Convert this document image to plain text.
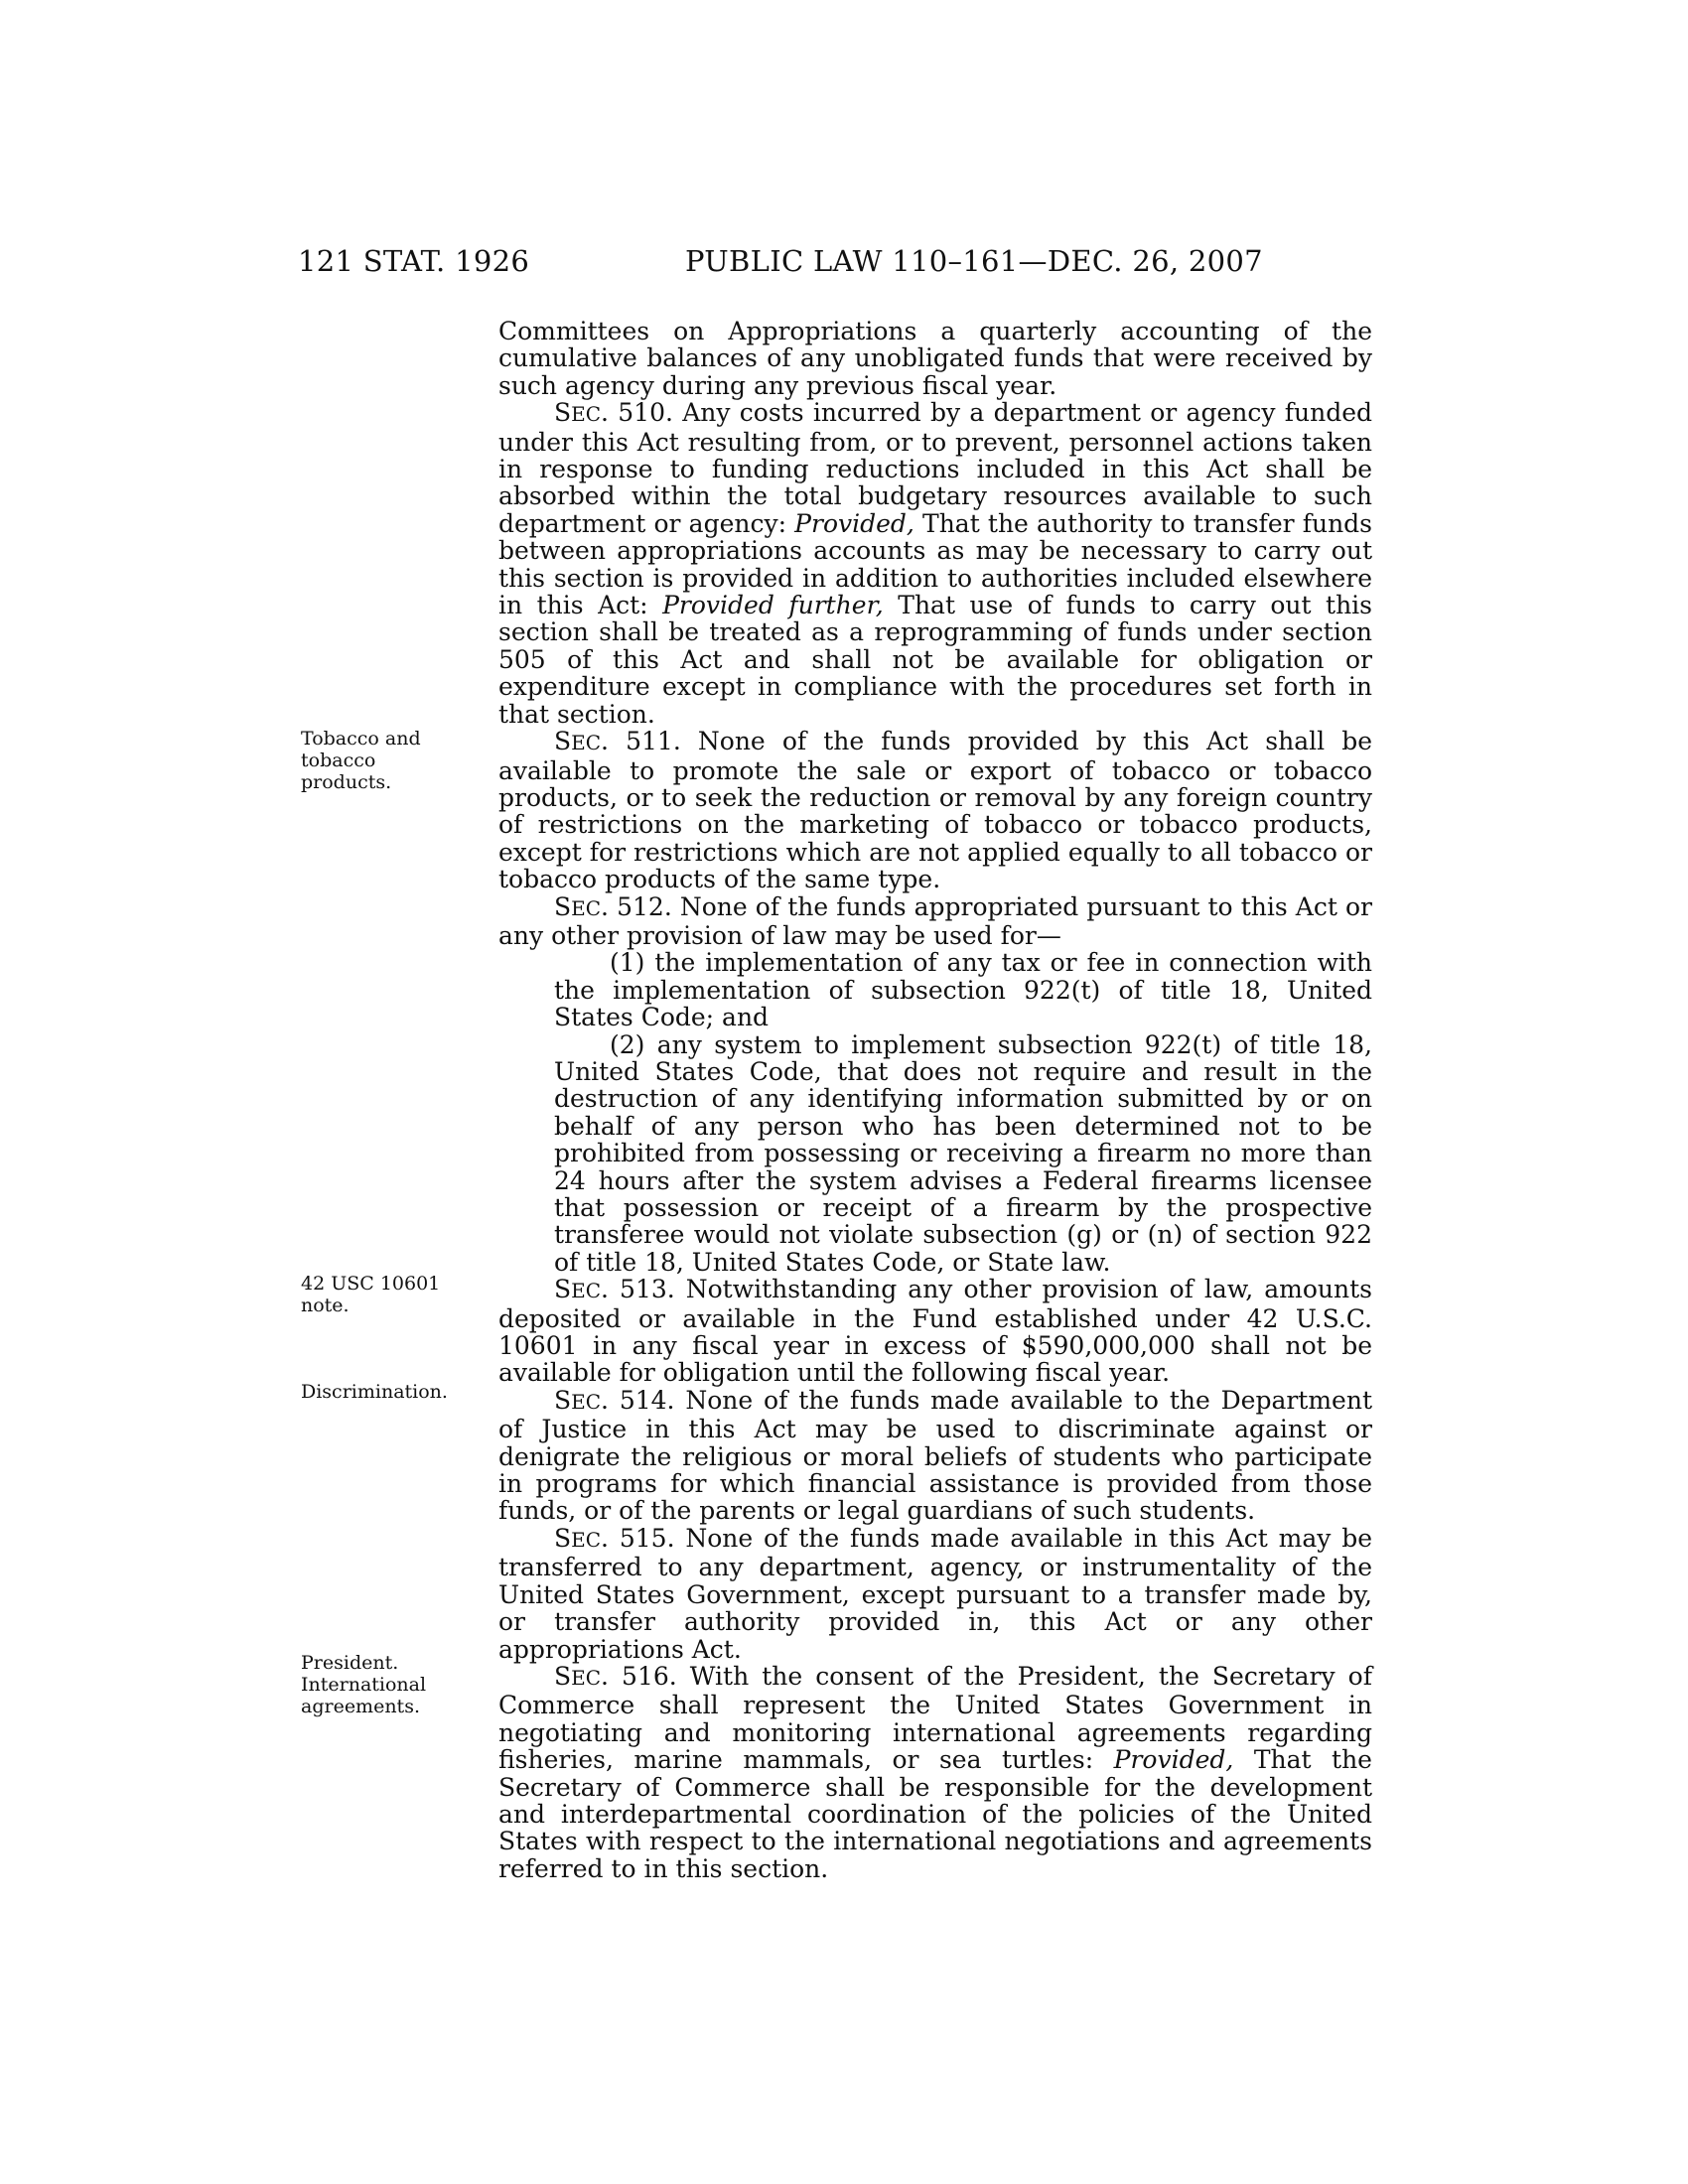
121 STAT. 1926	PUBLIC LAW 110–161—DEC. 26, 2007
Tobacco and
tobacco products.
42 USC 10601
note.
Discrimination.
President.
International
agreements.

Committees on Appropriations a quarterly accounting of the cumulative balances of any unobligated funds that were received by such agency during any previous fiscal year.

SEC. 510. Any costs incurred by a department or agency funded under this Act resulting from, or to prevent, personnel actions taken in response to funding reductions included in this Act shall be absorbed within the total budgetary resources available to such department or agency: Provided, That the authority to transfer funds between appropriations accounts as may be necessary to carry out this section is provided in addition to authorities included elsewhere in this Act: Provided further, That use of funds to carry out this section shall be treated as a reprogramming of funds under section 505 of this Act and shall not be available for obligation or expenditure except in compliance with the procedures set forth in that section.

SEC. 511. None of the funds provided by this Act shall be available to promote the sale or export of tobacco or tobacco products, or to seek the reduction or removal by any foreign country of restrictions on the marketing of tobacco or tobacco products, except for restrictions which are not applied equally to all tobacco or tobacco products of the same type.

SEC. 512. None of the funds appropriated pursuant to this Act or any other provision of law may be used for—

(1) the implementation of any tax or fee in connection with the implementation of subsection 922(t) of title 18, United States Code; and

(2) any system to implement subsection 922(t) of title 18, United States Code, that does not require and result in the destruction of any identifying information submitted by or on behalf of any person who has been determined not to be prohibited from possessing or receiving a firearm no more than 24 hours after the system advises a Federal firearms licensee that possession or receipt of a firearm by the prospective transferee would not violate subsection (g) or (n) of section 922 of title 18, United States Code, or State law.

SEC. 513. Notwithstanding any other provision of law, amounts deposited or available in the Fund established under 42 U.S.C. 10601 in any fiscal year in excess of $590,000,000 shall not be available for obligation until the following fiscal year.

SEC. 514. None of the funds made available to the Department of Justice in this Act may be used to discriminate against or denigrate the religious or moral beliefs of students who participate in programs for which financial assistance is provided from those funds, or of the parents or legal guardians of such students.

SEC. 515. None of the funds made available in this Act may be transferred to any department, agency, or instrumentality of the United States Government, except pursuant to a transfer made by, or transfer authority provided in, this Act or any other appropriations Act.

SEC. 516. With the consent of the President, the Secretary of Commerce shall represent the United States Government in negotiating and monitoring international agreements regarding fisheries, marine mammals, or sea turtles: Provided, That the Secretary of Commerce shall be responsible for the development and interdepartmental coordination of the policies of the United States with respect to the international negotiations and agreements referred to in this section.
